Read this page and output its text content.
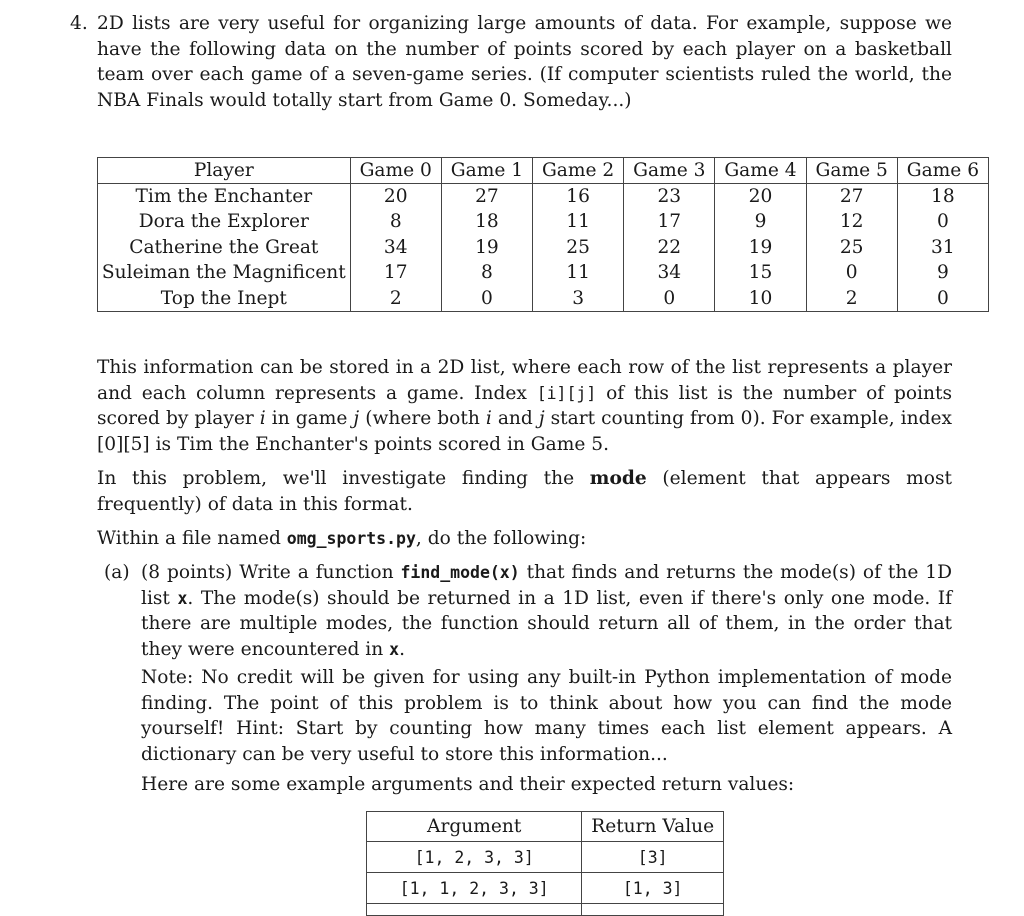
4. 2D lists are very useful for organizing large amounts of data. For example, suppose we have the following data on the number of points scored by each player on a basketball team over each game of a seven-game series. (If computer scientists ruled the world, the NBA Finals would totally start from Game 0. Someday...)
Player	Game 0	Game 1	Game 2	Game 3	Game 4	Game 5	Game 6
Tim the Enchanter	20	27	16	23	20	27	18
Dora the Explorer	8	18	11	17	9	12	0
Catherine the Great	34	19	25	22	19	25	31
Suleiman the Magnificent	17	8	11	34	15	0	9
Top the Inept	2	0	3	0	10	2	0
This information can be stored in a 2D list, where each row of the list represents a player and each column represents a game. Index [i][j] of this list is the number of points scored by player i in game j (where both i and j start counting from 0). For example, index [0][5] is Tim the Enchanter's points scored in Game 5.
In this problem, we'll investigate finding the mode (element that appears most frequently) of data in this format.
Within a file named omg_sports.py, do the following:
(a) (8 points) Write a function find_mode(x) that finds and returns the mode(s) of the 1D list x. The mode(s) should be returned in a 1D list, even if there's only one mode. If there are multiple modes, the function should return all of them, in the order that they were encountered in x.
Note: No credit will be given for using any built-in Python implementation of mode finding. The point of this problem is to think about how you can find the mode yourself! Hint: Start by counting how many times each list element appears. A dictionary can be very useful to store this information...
Here are some example arguments and their expected return values:
Argument	Return Value
[1, 2, 3, 3]	[3]
[1, 1, 2, 3, 3]	[1, 3]
